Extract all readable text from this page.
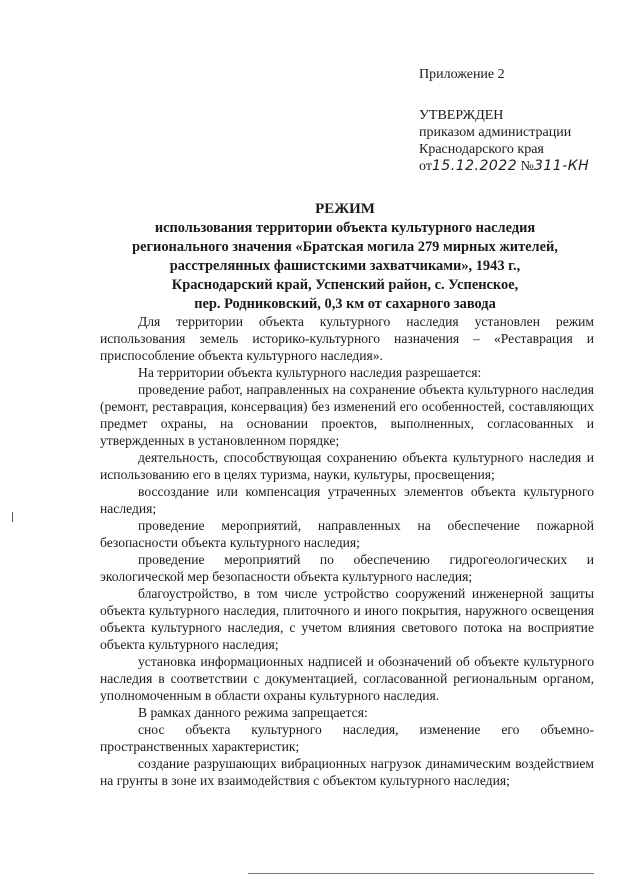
Приложение 2
УТВЕРЖДЕН
приказом администрации
Краснодарского края
от15.12.2022 №311-КН
РЕЖИМ
использования территории объекта культурного наследия
регионального значения «Братская могила 279 мирных жителей,
расстрелянных фашистскими захватчиками», 1943 г.,
Краснодарский край, Успенский район, с. Успенское,
пер. Родниковский, 0,3 км от сахарного завода

Для территории объекта культурного наследия установлен режим использования земель историко-культурного назначения – «Реставрация и приспособление объекта культурного наследия».

На территории объекта культурного наследия разрешается:

проведение работ, направленных на сохранение объекта культурного наследия (ремонт, реставрация, консервация) без изменений его особенностей, составляющих предмет охраны, на основании проектов, выполненных, согласованных и утвержденных в установленном порядке;

деятельность, способствующая сохранению объекта культурного наследия и использованию его в целях туризма, науки, культуры, просвещения;

воссоздание или компенсация утраченных элементов объекта культурного наследия;

проведение мероприятий, направленных на обеспечение пожарной безопасности объекта культурного наследия;

проведение мероприятий по обеспечению гидрогеологических и экологической мер безопасности объекта культурного наследия;

благоустройство, в том числе устройство сооружений инженерной защиты объекта культурного наследия, плиточного и иного покрытия, наружного освещения объекта культурного наследия, с учетом влияния светового потока на восприятие объекта культурного наследия;

установка информационных надписей и обозначений об объекте культурного наследия в соответствии с документацией, согласованной региональным органом, уполномоченным в области охраны культурного наследия.

В рамках данного режима запрещается:

снос объекта культурного наследия, изменение его объемно-пространственных характеристик;

создание разрушающих вибрационных нагрузок динамическим воздействием на грунты в зоне их взаимодействия с объектом культурного наследия;
